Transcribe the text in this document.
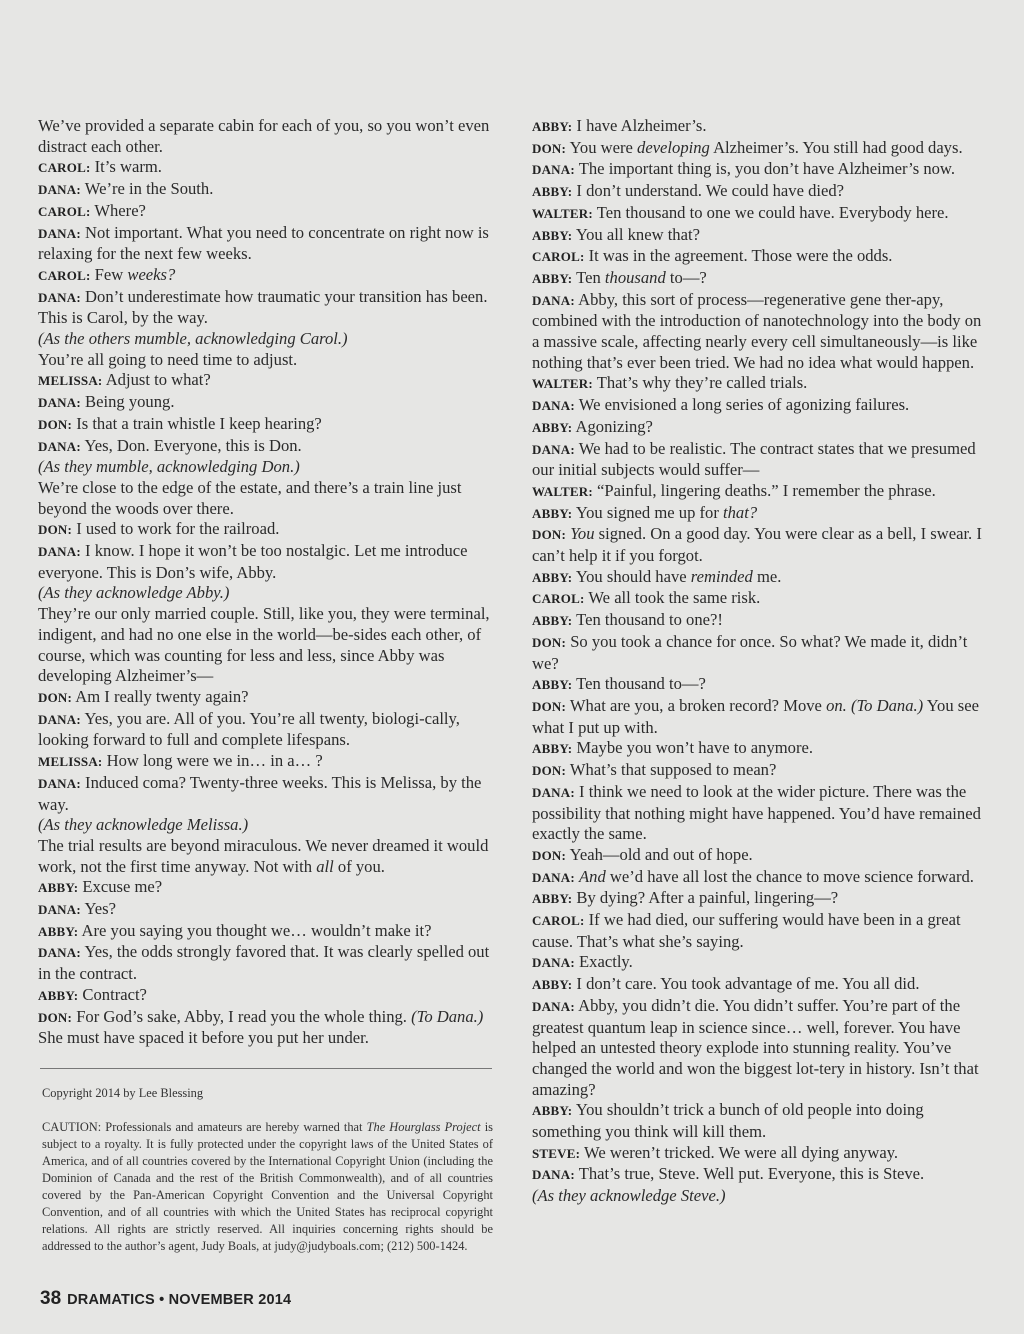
We’ve provided a separate cabin for each of you, so you won’t even distract each other.

CAROL: It’s warm.

DANA: We’re in the South.

CAROL: Where?

DANA: Not important. What you need to concentrate on right now is relaxing for the next few weeks.

CAROL: Few weeks?

DANA: Don’t underestimate how traumatic your transition has been. This is Carol, by the way.

(As the others mumble, acknowledging Carol.)

You’re all going to need time to adjust.

MELISSA: Adjust to what?

DANA: Being young.

DON: Is that a train whistle I keep hearing?

DANA: Yes, Don. Everyone, this is Don.

(As they mumble, acknowledging Don.)

We’re close to the edge of the estate, and there’s a train line just beyond the woods over there.

DON: I used to work for the railroad.

DANA: I know. I hope it won’t be too nostalgic. Let me introduce everyone. This is Don’s wife, Abby.

(As they acknowledge Abby.)

They’re our only married couple. Still, like you, they were terminal, indigent, and had no one else in the world—be-sides each other, of course, which was counting for less and less, since Abby was developing Alzheimer’s—

DON: Am I really twenty again?

DANA: Yes, you are. All of you. You’re all twenty, biologi-cally, looking forward to full and complete lifespans.

MELISSA: How long were we in… in a… ?

DANA: Induced coma? Twenty-three weeks. This is Melissa, by the way.

(As they acknowledge Melissa.)

The trial results are beyond miraculous. We never dreamed it would work, not the first time anyway. Not with all of you.

ABBY: Excuse me?

DANA: Yes?

ABBY: Are you saying you thought we… wouldn’t make it?

DANA: Yes, the odds strongly favored that. It was clearly spelled out in the contract.

ABBY: Contract?

DON: For God’s sake, Abby, I read you the whole thing. (To Dana.) She must have spaced it before you put her under.

ABBY: I have Alzheimer’s.

DON: You were developing Alzheimer’s. You still had good days.

DANA: The important thing is, you don’t have Alzheimer’s now.

ABBY: I don’t understand. We could have died?

WALTER: Ten thousand to one we could have. Everybody here.

ABBY: You all knew that?

CAROL: It was in the agreement. Those were the odds.

ABBY: Ten thousand to—?

DANA: Abby, this sort of process—regenerative gene ther-apy, combined with the introduction of nanotechnology into the body on a massive scale, affecting nearly every cell simultaneously—is like nothing that’s ever been tried. We had no idea what would happen.

WALTER: That’s why they’re called trials.

DANA: We envisioned a long series of agonizing failures.

ABBY: Agonizing?

DANA: We had to be realistic. The contract states that we presumed our initial subjects would suffer—

WALTER: “Painful, lingering deaths.” I remember the phrase.

ABBY: You signed me up for that?

DON: You signed. On a good day. You were clear as a bell, I swear. I can’t help it if you forgot.

ABBY: You should have reminded me.

CAROL: We all took the same risk.

ABBY: Ten thousand to one?!

DON: So you took a chance for once. So what? We made it, didn’t we?

ABBY: Ten thousand to—?

DON: What are you, a broken record? Move on. (To Dana.) You see what I put up with.

ABBY: Maybe you won’t have to anymore.

DON: What’s that supposed to mean?

DANA: I think we need to look at the wider picture. There was the possibility that nothing might have happened. You’d have remained exactly the same.

DON: Yeah—old and out of hope.

DANA: And we’d have all lost the chance to move science forward.

ABBY: By dying? After a painful, lingering—?

CAROL: If we had died, our suffering would have been in a great cause. That’s what she’s saying.

DANA: Exactly.

ABBY: I don’t care. You took advantage of me. You all did.

DANA: Abby, you didn’t die. You didn’t suffer. You’re part of the greatest quantum leap in science since… well, forever. You have helped an untested theory explode into stunning reality. You’ve changed the world and won the biggest lot-tery in history. Isn’t that amazing?

ABBY: You shouldn’t trick a bunch of old people into doing something you think will kill them.

STEVE: We weren’t tricked. We were all dying anyway.

DANA: That’s true, Steve. Well put. Everyone, this is Steve.

(As they acknowledge Steve.)

Copyright 2014 by Lee Blessing
CAUTION: Professionals and amateurs are hereby warned that The Hourglass Project is subject to a royalty. It is fully protected under the copyright laws of the United States of America, and of all countries covered by the International Copyright Union (including the Dominion of Canada and the rest of the British Commonwealth), and of all countries covered by the Pan-American Copyright Convention and the Universal Copyright Convention, and of all countries with which the United States has reciprocal copyright relations. All rights are strictly reserved. All inquiries concerning rights should be addressed to the author’s agent, Judy Boals, at judy@judyboals.com; (212) 500-1424.
38 DRAMATICS • NOVEMBER 2014
